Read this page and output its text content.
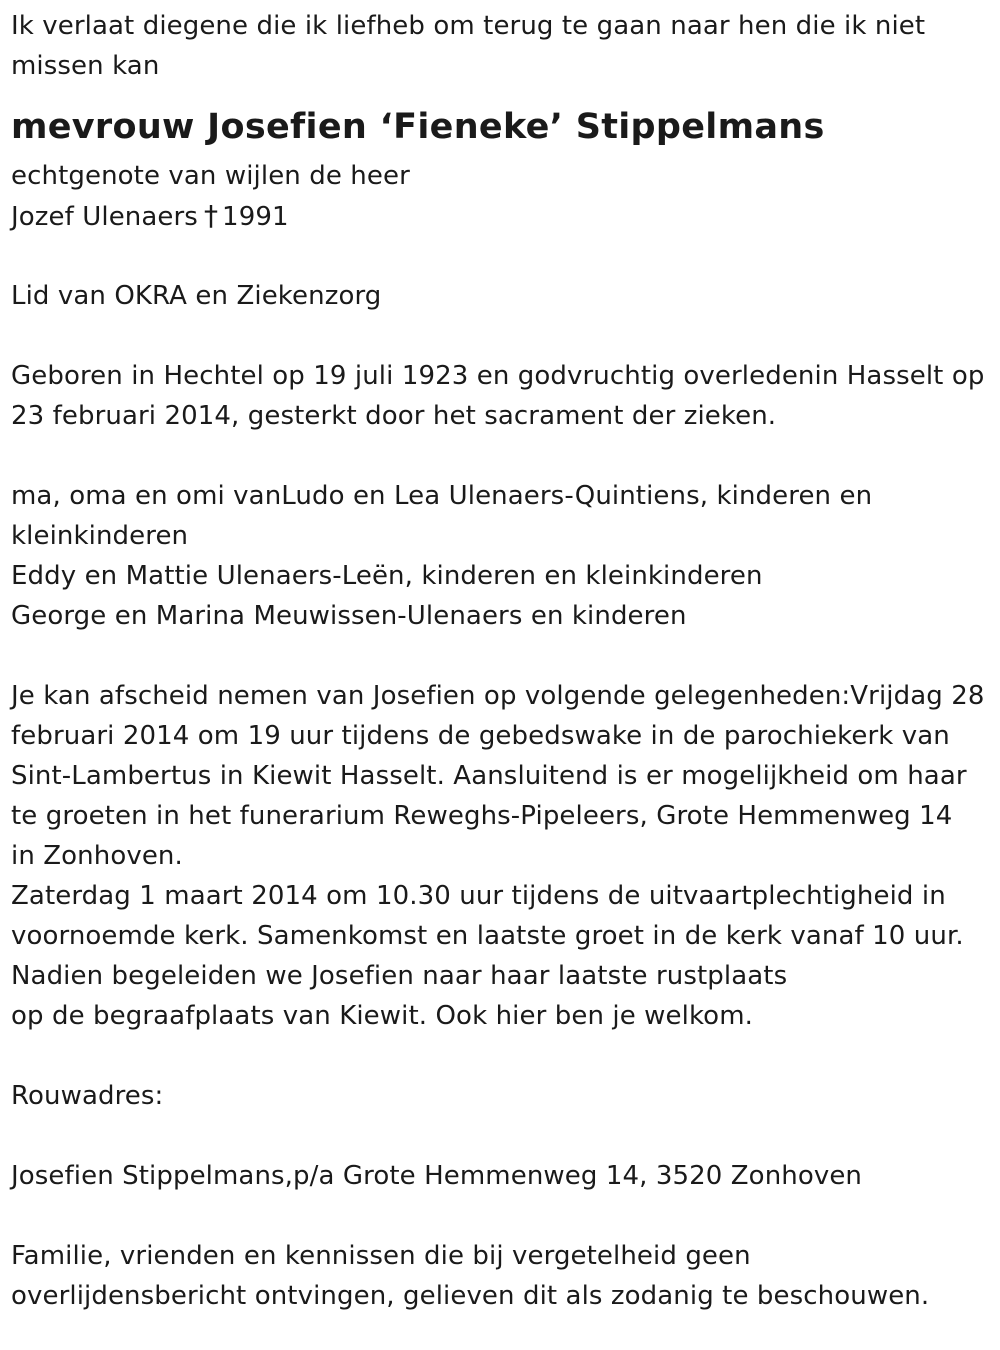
Ik verlaat diegene die ik liefheb om terug te gaan naar hen die ik niet
missen kan
mevrouw Josefien ‘Fieneke’ Stippelmans
echtgenote van wijlen de heer
Jozef Ulenaers † 1991
Lid van OKRA en Ziekenzorg
Geboren in Hechtel op 19 juli 1923 en godvruchtig overledenin Hasselt op
23 februari 2014, gesterkt door het sacrament der zieken.
ma, oma en omi vanLudo en Lea Ulenaers-Quintiens, kinderen en
kleinkinderen
Eddy en Mattie Ulenaers-Leën, kinderen en kleinkinderen
George en Marina Meuwissen-Ulenaers en kinderen
Je kan afscheid nemen van Josefien op volgende gelegenheden:Vrijdag 28
februari 2014 om 19 uur tijdens de gebedswake in de parochiekerk van
Sint-Lambertus in Kiewit Hasselt. Aansluitend is er mogelijkheid om haar
te groeten in het funerarium Reweghs-Pipeleers, Grote Hemmenweg 14
in Zonhoven.
Zaterdag 1 maart 2014 om 10.30 uur tijdens de uitvaartplechtigheid in
voornoemde kerk. Samenkomst en laatste groet in de kerk vanaf 10 uur.
Nadien begeleiden we Josefien naar haar laatste rustplaats
op de begraafplaats van Kiewit. Ook hier ben je welkom.
Rouwadres:
Josefien Stippelmans,p/a Grote Hemmenweg 14, 3520 Zonhoven
Familie, vrienden en kennissen die bij vergetelheid geen
overlijdensbericht ontvingen, gelieven dit als zodanig te beschouwen.
